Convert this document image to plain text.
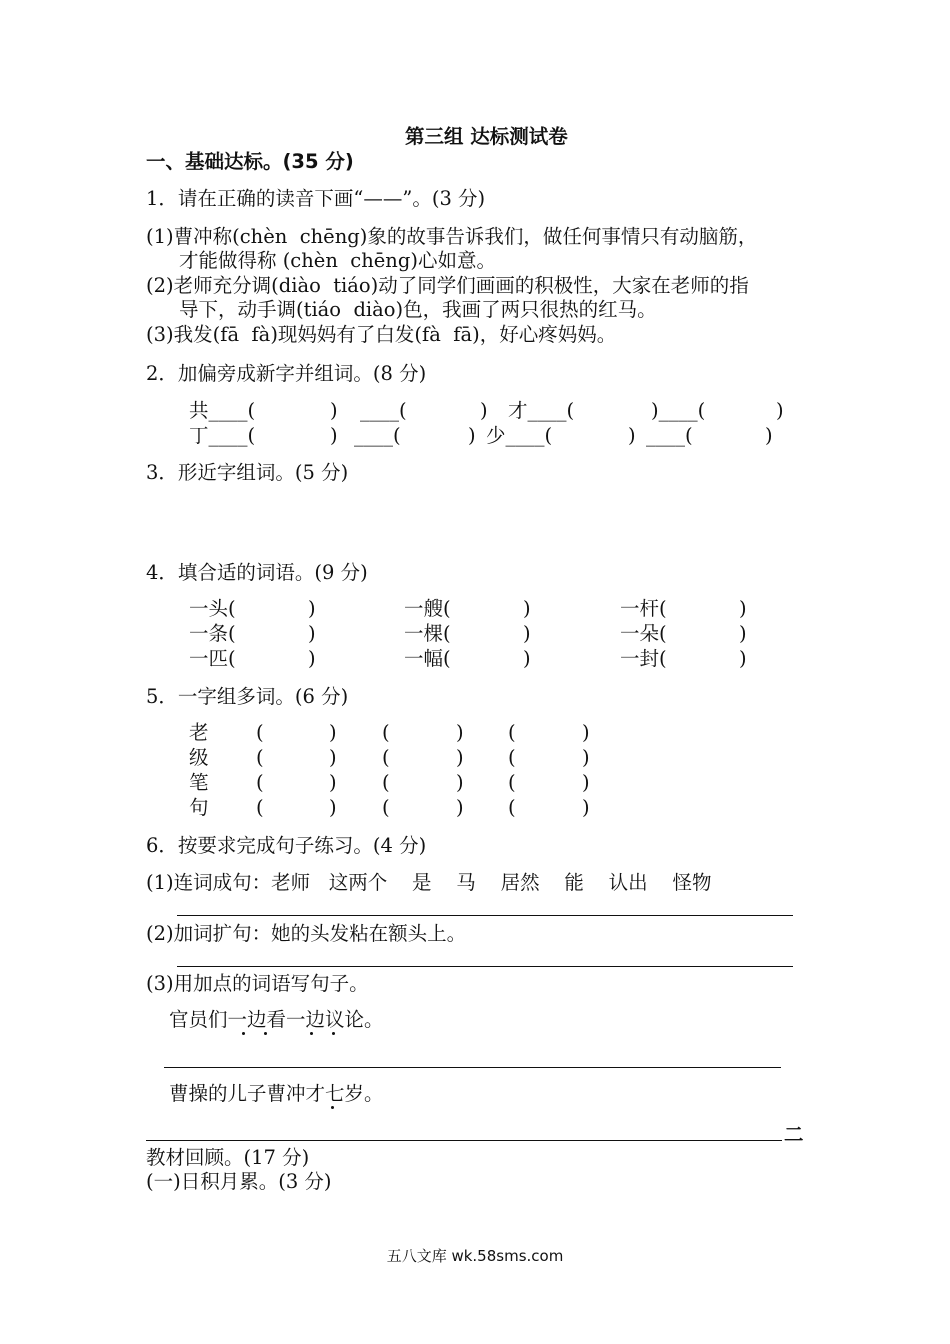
第三组 达标测试卷
一、基础达标。(35 分)
1．请在正确的读音下画“——”。(3 分)
(1)曹冲称(chèn  chēng)象的故事告诉我们，做任何事情只有动脑筋，
才能做得称 (chèn  chēng)心如意。
(2)老师充分调(diào  tiáo)动了同学们画画的积极性，大家在老师的指
导下，动手调(tiáo  diào)色，我画了两只很热的红马。
(3)我发(fā  fà)现妈妈有了白发(fà  fā)，好心疼妈妈。
2．加偏旁成新字并组词。(8 分)
共____(	) ____(	) 才____(	)____(	)
丁____(	) ____(	) 少____(	) ____(	)
3．形近字组词。(5 分)
4．填合适的词语。(9 分)
一头(	)	一艘(	)	一杆(	)
一条(	)	一棵(	)	一朵(	)
一匹(	)	一幅(	)	一封(	)
5．一字组多词。(6 分)
老 (	) (	) (	)
级 (	) (	) (	)
笔 (	) (	) (	)
句 (	) (	) (	)
6．按要求完成句子练习。(4 分)
(1)连词成句：老师   这两个    是    马    居然    能    认出    怪物
(2)加词扩句：她的头发粘在额头上。
(3)用加点的词语写句子。
官员们一边看一边议论。
曹操的儿子曹冲才七岁。
二
教材回顾。(17 分)
(一)日积月累。(3 分)
五八文库 wk.58sms.com
